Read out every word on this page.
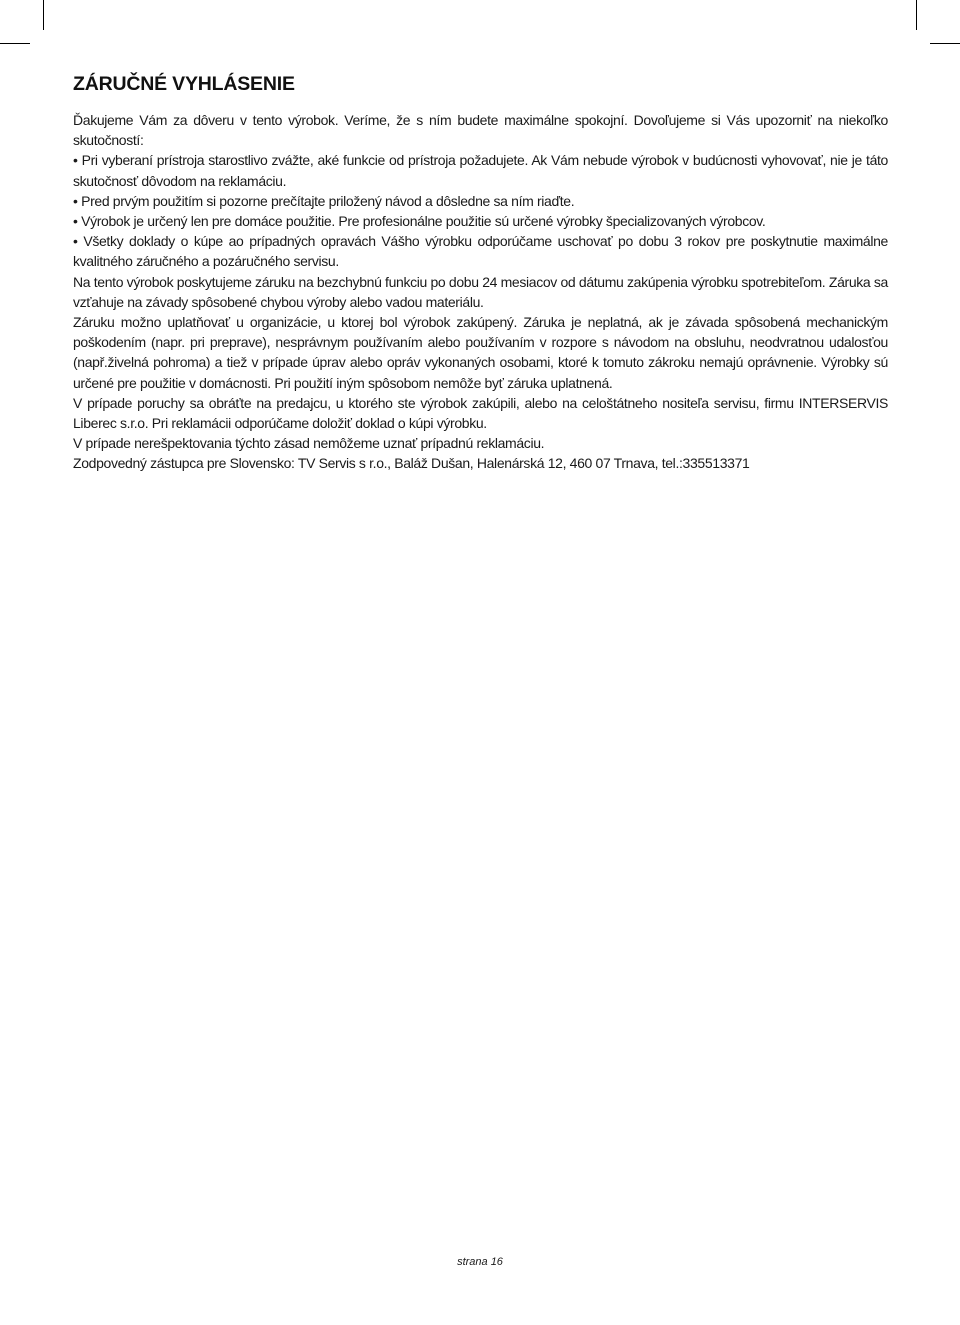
ZÁRUČNÉ VYHLÁSENIE

Ďakujeme Vám za dôveru v tento výrobok. Veríme, že s ním budete maximálne spokojní. Dovoľujeme si Vás upozorniť na niekoľko skutočností:

• Pri vyberaní prístroja starostlivo zvážte, aké funkcie od prístroja požadujete. Ak Vám nebude výrobok v budúcnosti vyhovovať, nie je táto skutočnosť dôvodom na reklamáciu.

• Pred prvým použitím si pozorne prečítajte priložený návod a dôsledne sa ním riaďte.

• Výrobok je určený len pre domáce použitie. Pre profesionálne použitie sú určené výrobky špecializovaných výrobcov.

• Všetky doklady o kúpe ao prípadných opravách Vášho výrobku odporúčame uschovať po dobu 3 rokov pre poskytnutie maximálne kvalitného záručného a pozáručného servisu.

Na tento výrobok poskytujeme záruku na bezchybnú funkciu po dobu 24 mesiacov od dátumu zakúpenia výrobku spotrebiteľom. Záruka sa vzťahuje na závady spôsobené chybou výroby alebo vadou materiálu.

Záruku možno uplatňovať u organizácie, u ktorej bol výrobok zakúpený. Záruka je neplatná, ak je závada spôsobená mechanickým poškodením (napr. pri preprave), nesprávnym používaním alebo používaním v rozpore s návodom na obsluhu, neodvratnou udalosťou (např.živelná pohroma) a tiež v prípade úprav alebo opráv vykonaných osobami, ktoré k tomuto zákroku nemajú oprávnenie. Výrobky sú určené pre použitie v domácnosti. Pri použití iným spôsobom nemôže byť záruka uplatnená.

V prípade poruchy sa obráťte na predajcu, u ktorého ste výrobok zakúpili, alebo na celoštátneho nositeľa servisu, firmu INTERSERVIS Liberec s.r.o. Pri reklamácii odporúčame doložiť doklad o kúpi výrobku.

V prípade nerešpektovania týchto zásad nemôžeme uznať prípadnú reklamáciu.

Zodpovedný zástupca pre Slovensko: TV Servis s r.o., Baláž Dušan, Halenárská 12, 460 07 Trnava, tel.:335513371

strana 16
